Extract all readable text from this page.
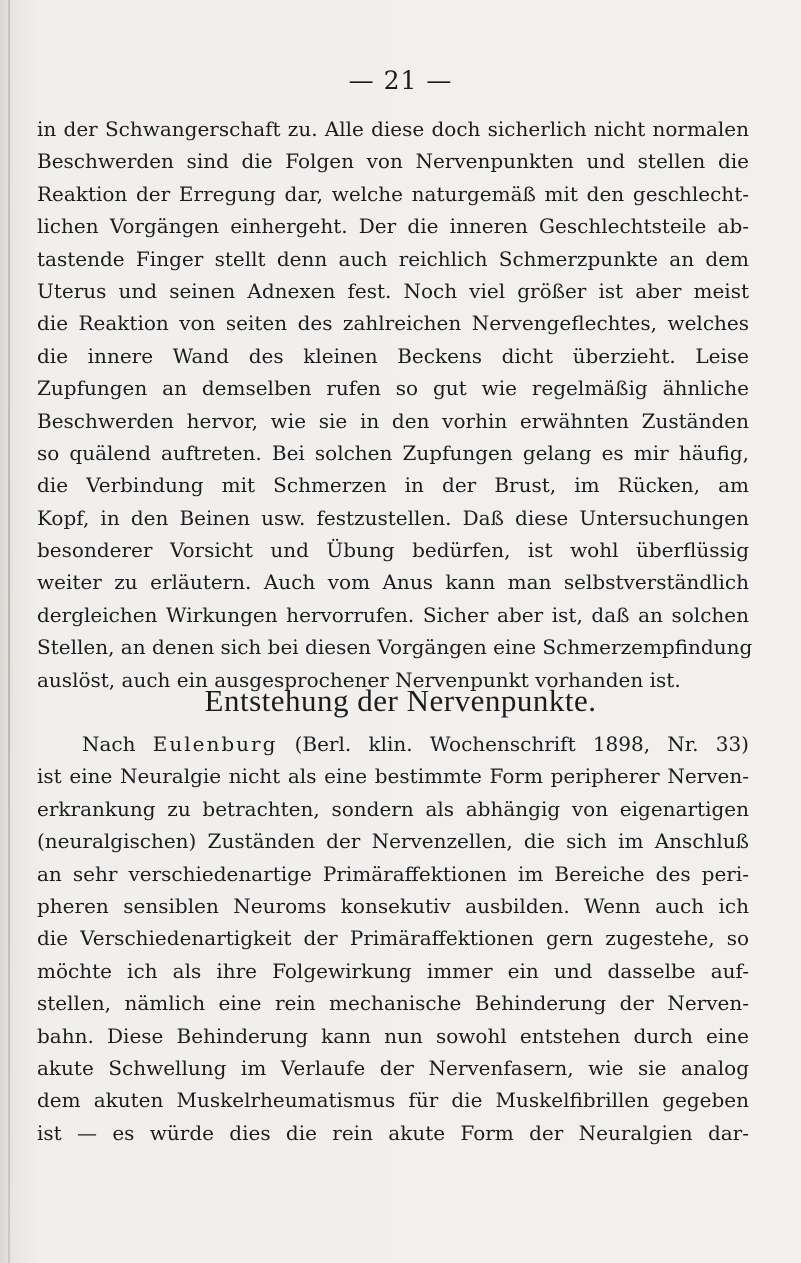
— 21 —
in der Schwangerschaft zu. Alle diese doch sicherlich nicht normalen
Beschwerden sind die Folgen von Nervenpunkten und stellen die
Reaktion der Erregung dar, welche naturgemäß mit den geschlecht-
lichen Vorgängen einhergeht. Der die inneren Geschlechtsteile ab-
tastende Finger stellt denn auch reichlich Schmerzpunkte an dem
Uterus und seinen Adnexen fest. Noch viel größer ist aber meist
die Reaktion von seiten des zahlreichen Nervengeflechtes, welches
die innere Wand des kleinen Beckens dicht überzieht. Leise
Zupfungen an demselben rufen so gut wie regelmäßig ähnliche
Beschwerden hervor, wie sie in den vorhin erwähnten Zuständen
so quälend auftreten. Bei solchen Zupfungen gelang es mir häufig,
die Verbindung mit Schmerzen in der Brust, im Rücken, am
Kopf, in den Beinen usw. festzustellen. Daß diese Untersuchungen
besonderer Vorsicht und Übung bedürfen, ist wohl überflüssig
weiter zu erläutern. Auch vom Anus kann man selbstverständlich
dergleichen Wirkungen hervorrufen. Sicher aber ist, daß an solchen
Stellen, an denen sich bei diesen Vorgängen eine Schmerzempfindung
auslöst, auch ein ausgesprochener Nervenpunkt vorhanden ist.
Entstehung der Nervenpunkte.
Nach Eulenburg (Berl. klin. Wochenschrift 1898, Nr. 33)
ist eine Neuralgie nicht als eine bestimmte Form peripherer Nerven-
erkrankung zu betrachten, sondern als abhängig von eigenartigen
(neuralgischen) Zuständen der Nervenzellen, die sich im Anschluß
an sehr verschiedenartige Primäraffektionen im Bereiche des peri-
pheren sensiblen Neuroms konsekutiv ausbilden. Wenn auch ich
die Verschiedenartigkeit der Primäraffektionen gern zugestehe, so
möchte ich als ihre Folgewirkung immer ein und dasselbe auf-
stellen, nämlich eine rein mechanische Behinderung der Nerven-
bahn. Diese Behinderung kann nun sowohl entstehen durch eine
akute Schwellung im Verlaufe der Nervenfasern, wie sie analog
dem akuten Muskelrheumatismus für die Muskelfibrillen gegeben
ist — es würde dies die rein akute Form der Neuralgien dar-
